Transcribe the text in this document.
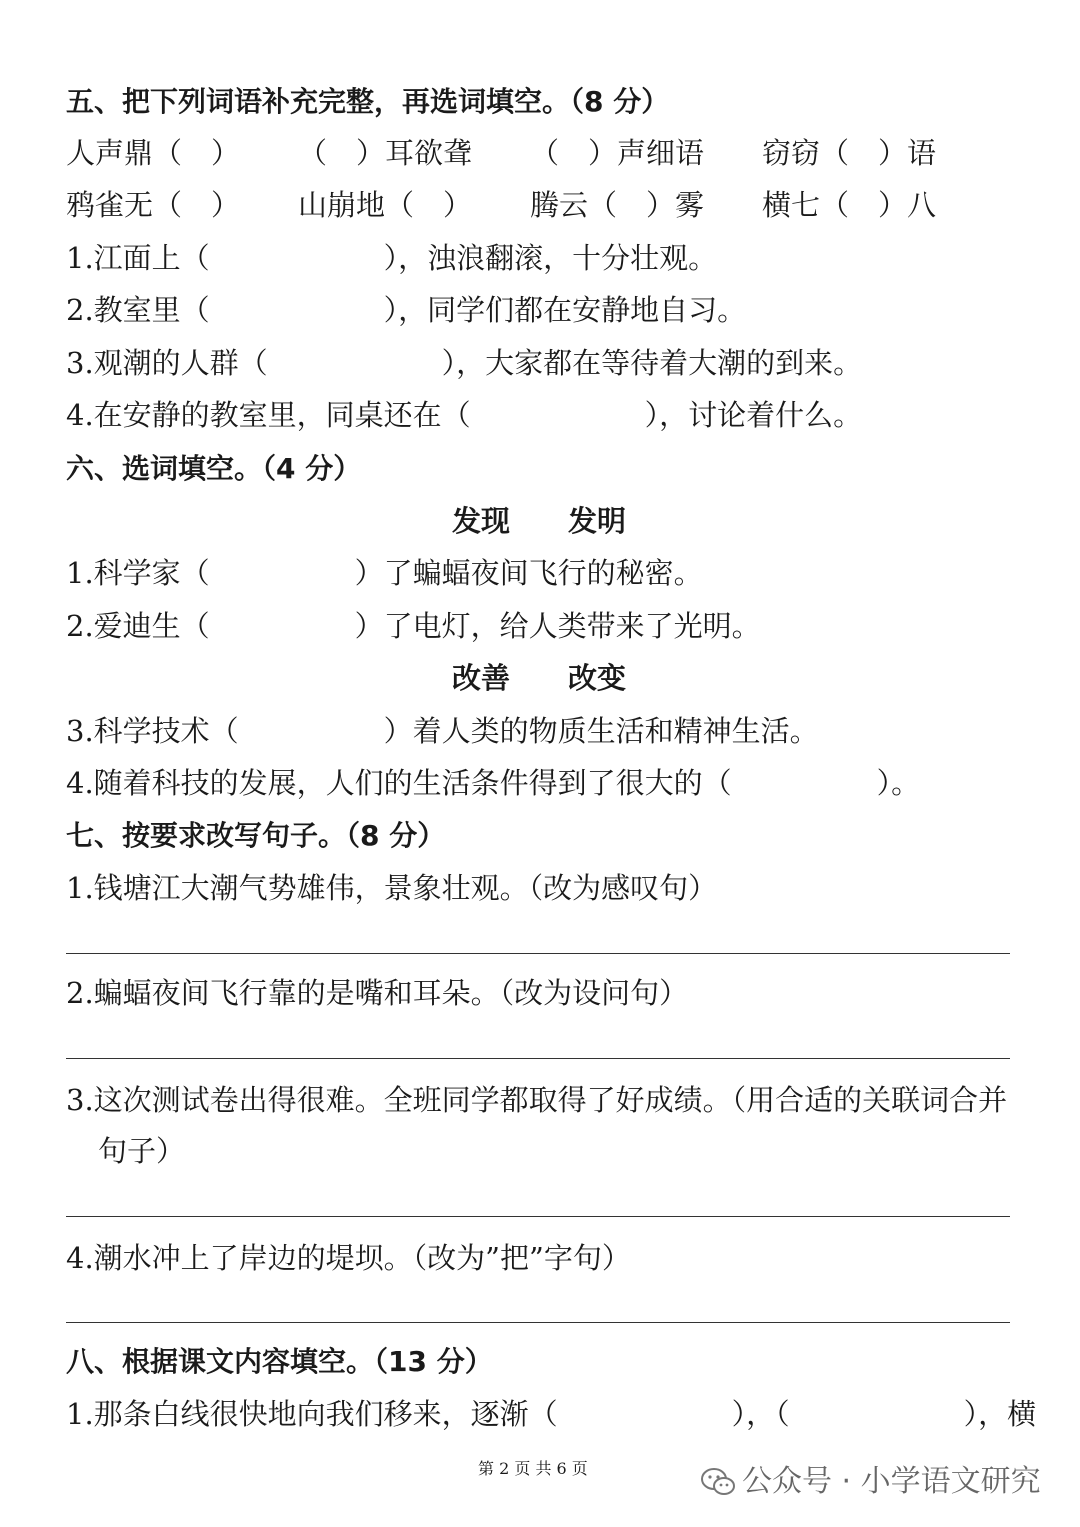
五、把下列词语补充完整，再选词填空。（8 分）
人声鼎（　） （　）耳欲聋 （　）声细语 窃窃（　）语
鸦雀无（　） 山崩地（　） 腾云（　）雾 横七（　）八
1.江面上（　　　　　　），浊浪翻滚，十分壮观。
2.教室里（　　　　　　），同学们都在安静地自习。
3.观潮的人群（　　　　　　），大家都在等待着大潮的到来。
4.在安静的教室里，同桌还在（　　　　　　），讨论着什么。
六、选词填空。（4 分）
发现　　发明
1.科学家（　　　　　）了蝙蝠夜间飞行的秘密。
2.爱迪生（　　　　　）了电灯，给人类带来了光明。
改善　　改变
3.科学技术（　　　　　）着人类的物质生活和精神生活。
4.随着科技的发展，人们的生活条件得到了很大的（　　　　　）。
七、按要求改写句子。（8 分）
1.钱塘江大潮气势雄伟，景象壮观。（改为感叹句）
2.蝙蝠夜间飞行靠的是嘴和耳朵。（改为设问句）
3.这次测试卷出得很难。全班同学都取得了好成绩。（用合适的关联词合并
句子）
4.潮水冲上了岸边的堤坝。（改为”把”字句）
八、根据课文内容填空。（13 分）
1.那条白线很快地向我们移来，逐渐（　　　　　　），（　　　　　　），横
第 2 页 共 6 页	公众号 · 小学语文研究
